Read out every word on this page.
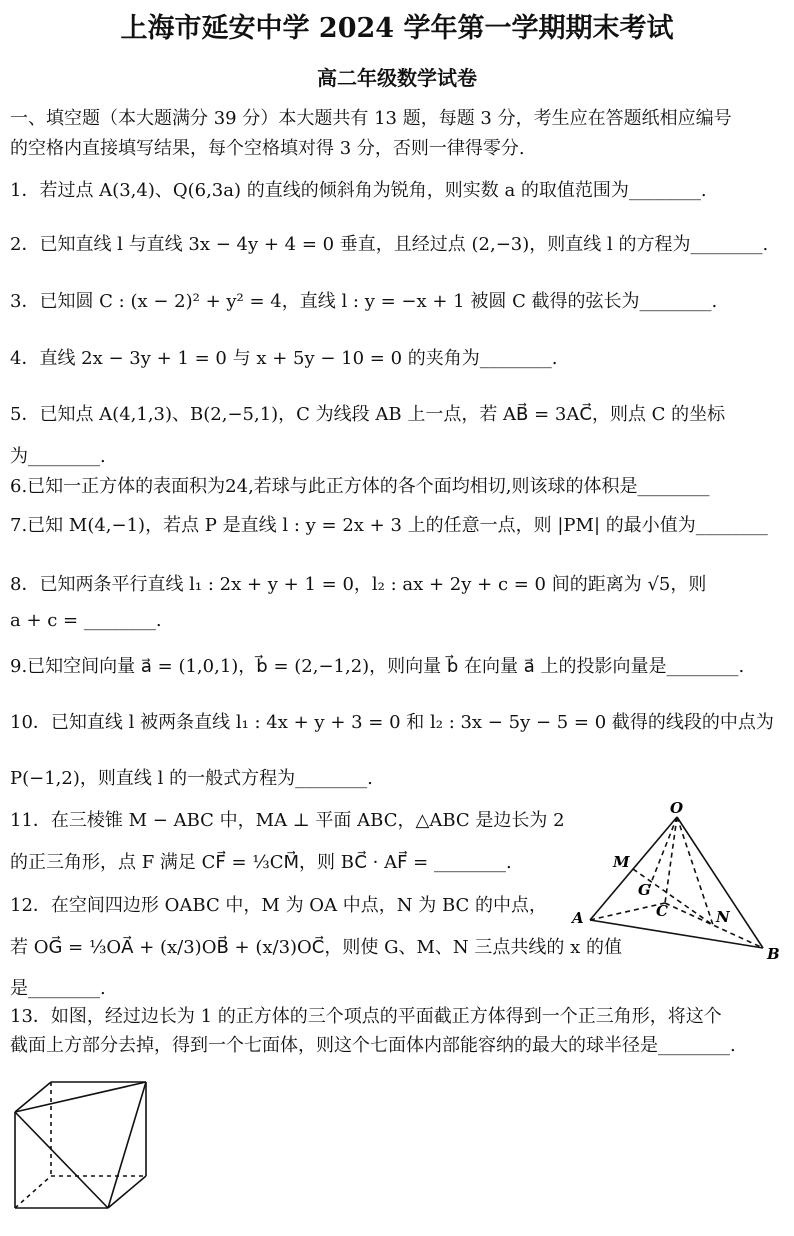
上海市延安中学 2024 学年第一学期期末考试
高二年级数学试卷
一、填空题（本大题满分 39 分）本大题共有 13 题，每题 3 分，考生应在答题纸相应编号
的空格内直接填写结果，每个空格填对得 3 分，否则一律得零分.
1．若过点 A(3,4)、Q(6,3a) 的直线的倾斜角为锐角，则实数 a 的取值范围为________.
2．已知直线 l 与直线 3x − 4y + 4 = 0 垂直，且经过点 (2,−3)，则直线 l 的方程为________.
3．已知圆 C : (x − 2)² + y² = 4，直线 l : y = −x + 1 被圆 C 截得的弦长为________.
4．直线 2x − 3y + 1 = 0 与 x + 5y − 10 = 0 的夹角为________.
5．已知点 A(4,1,3)、B(2,−5,1)，C 为线段 AB 上一点，若 AB⃗ = 3AC⃗，则点 C 的坐标
为________.
6.已知一正方体的表面积为24,若球与此正方体的各个面均相切,则该球的体积是________
7.已知 M(4,−1)，若点 P 是直线 l : y = 2x + 3 上的任意一点，则 |PM| 的最小值为________
8．已知两条平行直线 l₁ : 2x + y + 1 = 0，l₂ : ax + 2y + c = 0 间的距离为 √5，则
a + c = ________.
9.已知空间向量 a⃗ = (1,0,1)，b⃗ = (2,−1,2)，则向量 b⃗ 在向量 a⃗ 上的投影向量是________.
10．已知直线 l 被两条直线 l₁ : 4x + y + 3 = 0 和 l₂ : 3x − 5y − 5 = 0 截得的线段的中点为
P(−1,2)，则直线 l 的一般式方程为________.
11．在三棱锥 M − ABC 中，MA ⊥ 平面 ABC，△ABC 是边长为 2
的正三角形，点 F 满足 CF⃗ = ⅓CM⃗，则 BC⃗ · AF⃗ = ________.
12．在空间四边形 OABC 中，M 为 OA 中点，N 为 BC 的中点，
若 OG⃗ = ⅓OA⃗ + (x/3)OB⃗ + (x/3)OC⃗，则使 G、M、N 三点共线的 x 的值
是________.
13．如图，经过边长为 1 的正方体的三个项点的平面截正方体得到一个正三角形，将这个
截面上方部分去掉，得到一个七面体，则这个七面体内部能容纳的最大的球半径是________.
O
M
G
C	N
A
B
